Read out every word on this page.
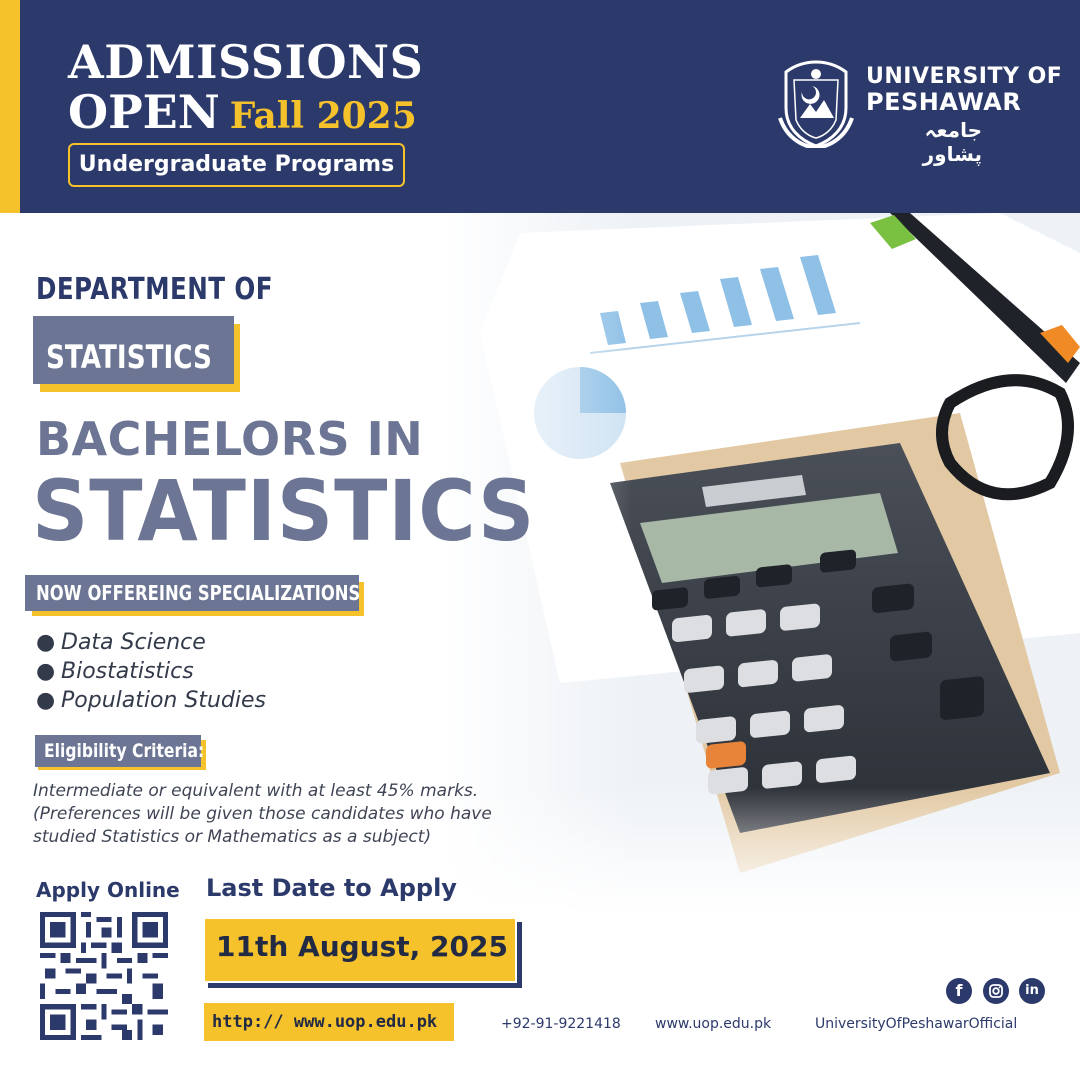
ADMISSIONS
OPEN Fall 2025
Undergraduate Programs
UNIVERSITY OF
PESHAWAR
جامعہ پشاور
DEPARTMENT OF
STATISTICS
BACHELORS IN
STATISTICS
NOW OFFEREING SPECIALIZATIONS IN
● Data Science
● Biostatistics
● Population Studies
Eligibility Criteria:
Intermediate or equivalent with at least 45% marks. (Preferences will be given those candidates who have studied Statistics or Mathematics as a subject)
Apply Online Last Date to Apply
11th August, 2025
http:// www.uop.edu.pk
f	in
+92-91-9221418 www.uop.edu.pk	UniversityOfPeshawarOfficial
